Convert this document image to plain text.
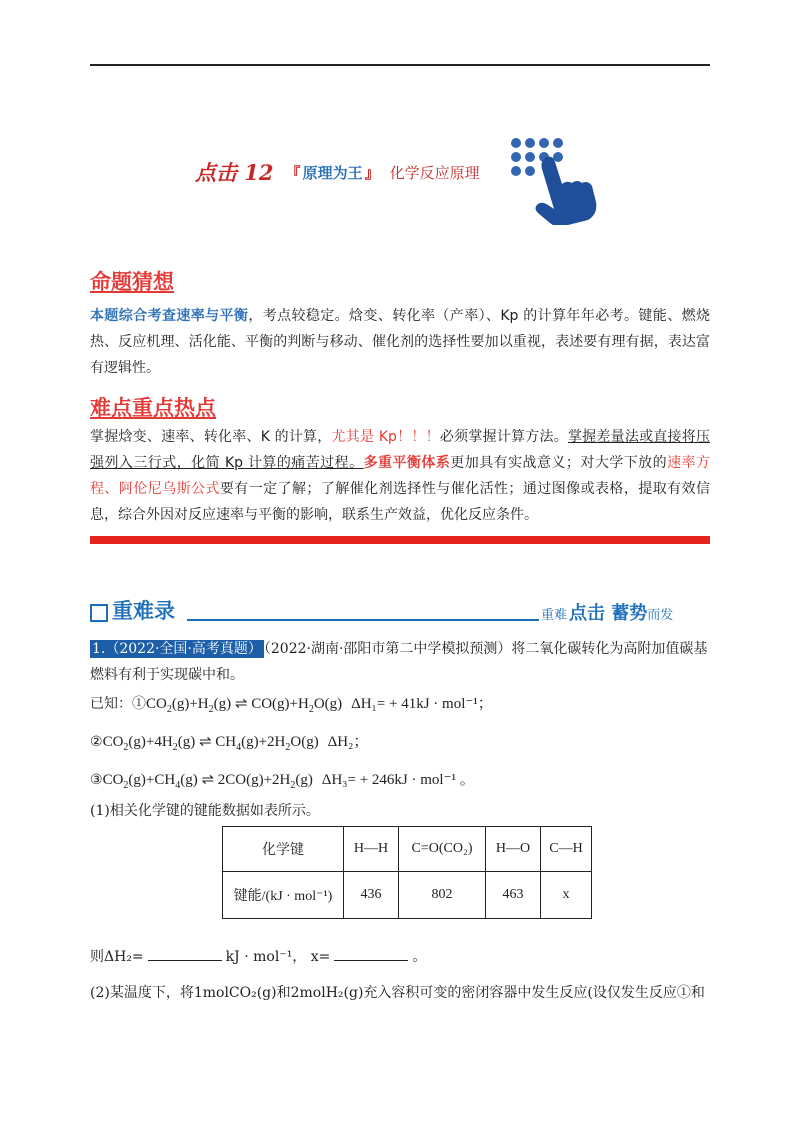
点击 12 『 原理为王 』 化学反应原理
命题猜想
本题综合考查速率与平衡，考点较稳定。焓变、转化率（产率）、Kp 的计算年年必考。键能、燃烧热、反应机理、活化能、平衡的判断与移动、催化剂的选择性要加以重视，表述要有理有据，表达富有逻辑性。
难点重点热点
掌握焓变、速率、转化率、K 的计算，尤其是 Kp！！！必须掌握计算方法。掌握差量法或直接将压强列入三行式，化简 Kp 计算的痛苦过程。多重平衡体系更加具有实战意义；对大学下放的速率方程、阿伦尼乌斯公式要有一定了解；了解催化剂选择性与催化活性；通过图像或表格，提取有效信息，综合外因对反应速率与平衡的影响，联系生产效益，优化反应条件。
重难录	重难 点击 蓄势 而发
1.（2022·全国·高考真题） （2022·湖南·邵阳市第二中学模拟预测）将二氧化碳转化为高附加值碳基
燃料有利于实现碳中和。
已知：$①CO_2(g)+H_2(g)$ ⇌ $CO(g)+H_2O(g) \Delta H_1= + 41kJ \cdot mol^{-1}$；
$②CO_2(g)+4H_2(g)$ ⇌ $CH_4(g)+2H_2O(g)$ ΔH₂；
$③CO_2(g)+CH_4(g)$ ⇌ $2CO(g)+2H_2(g) \Delta H_3= + 246kJ \cdot mol^{-1}$ 。
(1)相关化学键的键能数据如表所示。
化学键	H—H	C=O(CO₂)	H—O	C—H
键能/(kJ · mol⁻¹)	436	802	463	x
则ΔH₂=	kJ · mol⁻¹， x=	。
(2)某温度下，将1molCO₂(g)和2molH₂(g)充入容积可变的密闭容器中发生反应(设仅发生反应①和
